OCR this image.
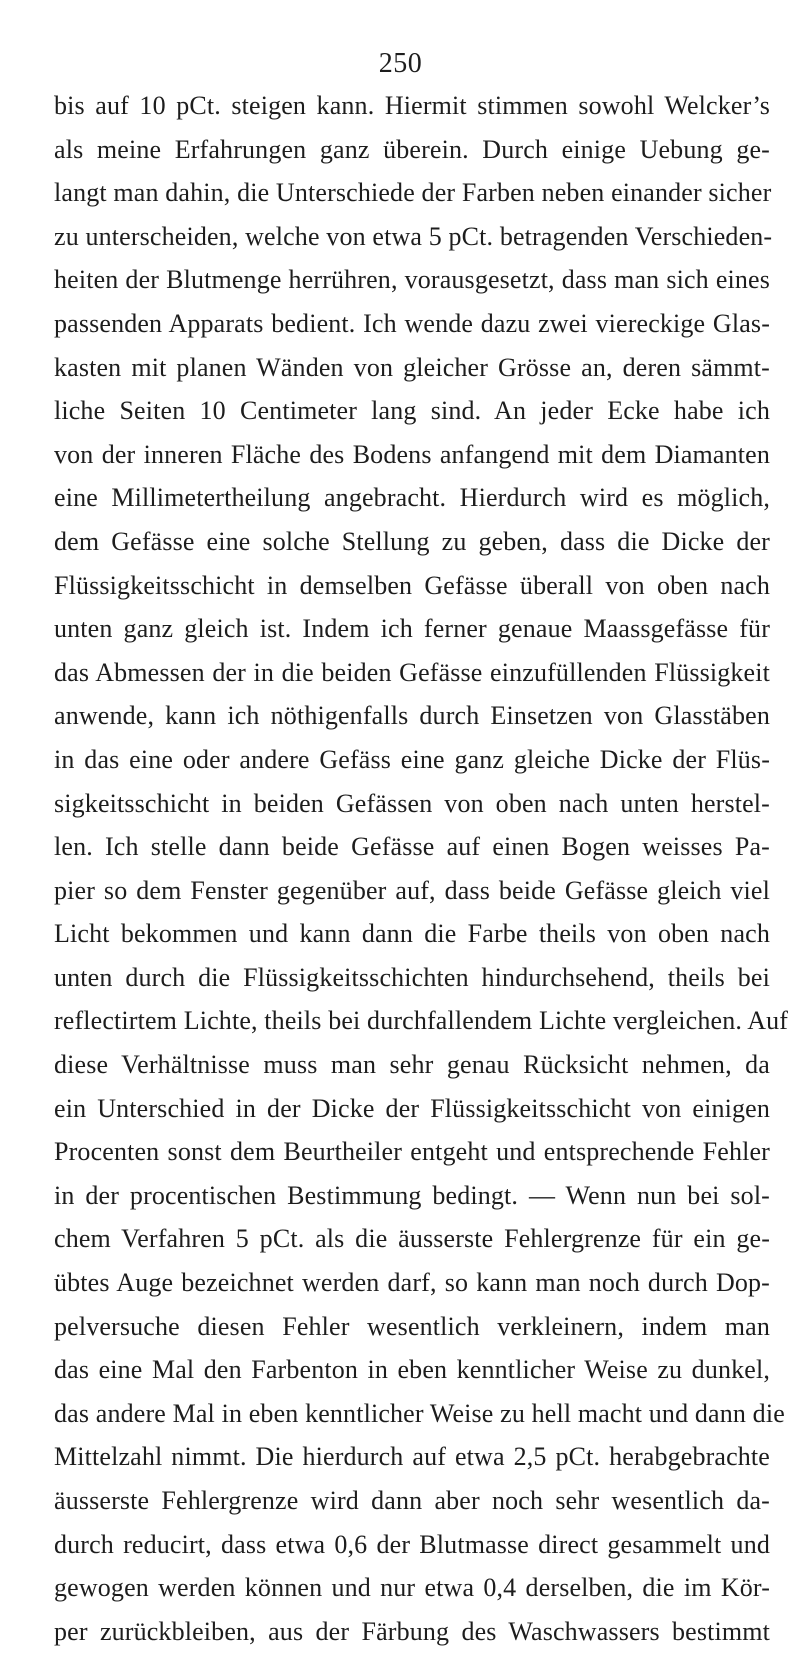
250
bis auf 10 pCt. steigen kann. Hiermit stimmen sowohl Welcker’s
als meine Erfahrungen ganz überein. Durch einige Uebung ge-
langt man dahin, die Unterschiede der Farben neben einander sicher
zu unterscheiden, welche von etwa 5 pCt. betragenden Verschieden-
heiten der Blutmenge herrühren, vorausgesetzt, dass man sich eines
passenden Apparats bedient. Ich wende dazu zwei viereckige Glas-
kasten mit planen Wänden von gleicher Grösse an, deren sämmt-
liche Seiten 10 Centimeter lang sind. An jeder Ecke habe ich
von der inneren Fläche des Bodens anfangend mit dem Diamanten
eine Millimetertheilung angebracht. Hierdurch wird es möglich,
dem Gefässe eine solche Stellung zu geben, dass die Dicke der
Flüssigkeitsschicht in demselben Gefässe überall von oben nach
unten ganz gleich ist. Indem ich ferner genaue Maassgefässe für
das Abmessen der in die beiden Gefässe einzufüllenden Flüssigkeit
anwende, kann ich nöthigenfalls durch Einsetzen von Glasstäben
in das eine oder andere Gefäss eine ganz gleiche Dicke der Flüs-
sigkeitsschicht in beiden Gefässen von oben nach unten herstel-
len. Ich stelle dann beide Gefässe auf einen Bogen weisses Pa-
pier so dem Fenster gegenüber auf, dass beide Gefässe gleich viel
Licht bekommen und kann dann die Farbe theils von oben nach
unten durch die Flüssigkeitsschichten hindurchsehend, theils bei
reflectirtem Lichte, theils bei durchfallendem Lichte vergleichen. Auf
diese Verhältnisse muss man sehr genau Rücksicht nehmen, da
ein Unterschied in der Dicke der Flüssigkeitsschicht von einigen
Procenten sonst dem Beurtheiler entgeht und entsprechende Fehler
in der procentischen Bestimmung bedingt. — Wenn nun bei sol-
chem Verfahren 5 pCt. als die äusserste Fehlergrenze für ein ge-
übtes Auge bezeichnet werden darf, so kann man noch durch Dop-
pelversuche diesen Fehler wesentlich verkleinern, indem man
das eine Mal den Farbenton in eben kenntlicher Weise zu dunkel,
das andere Mal in eben kenntlicher Weise zu hell macht und dann die
Mittelzahl nimmt. Die hierdurch auf etwa 2,5 pCt. herabgebrachte
äusserste Fehlergrenze wird dann aber noch sehr wesentlich da-
durch reducirt, dass etwa 0,6 der Blutmasse direct gesammelt und
gewogen werden können und nur etwa 0,4 derselben, die im Kör-
per zurückbleiben, aus der Färbung des Waschwassers bestimmt
